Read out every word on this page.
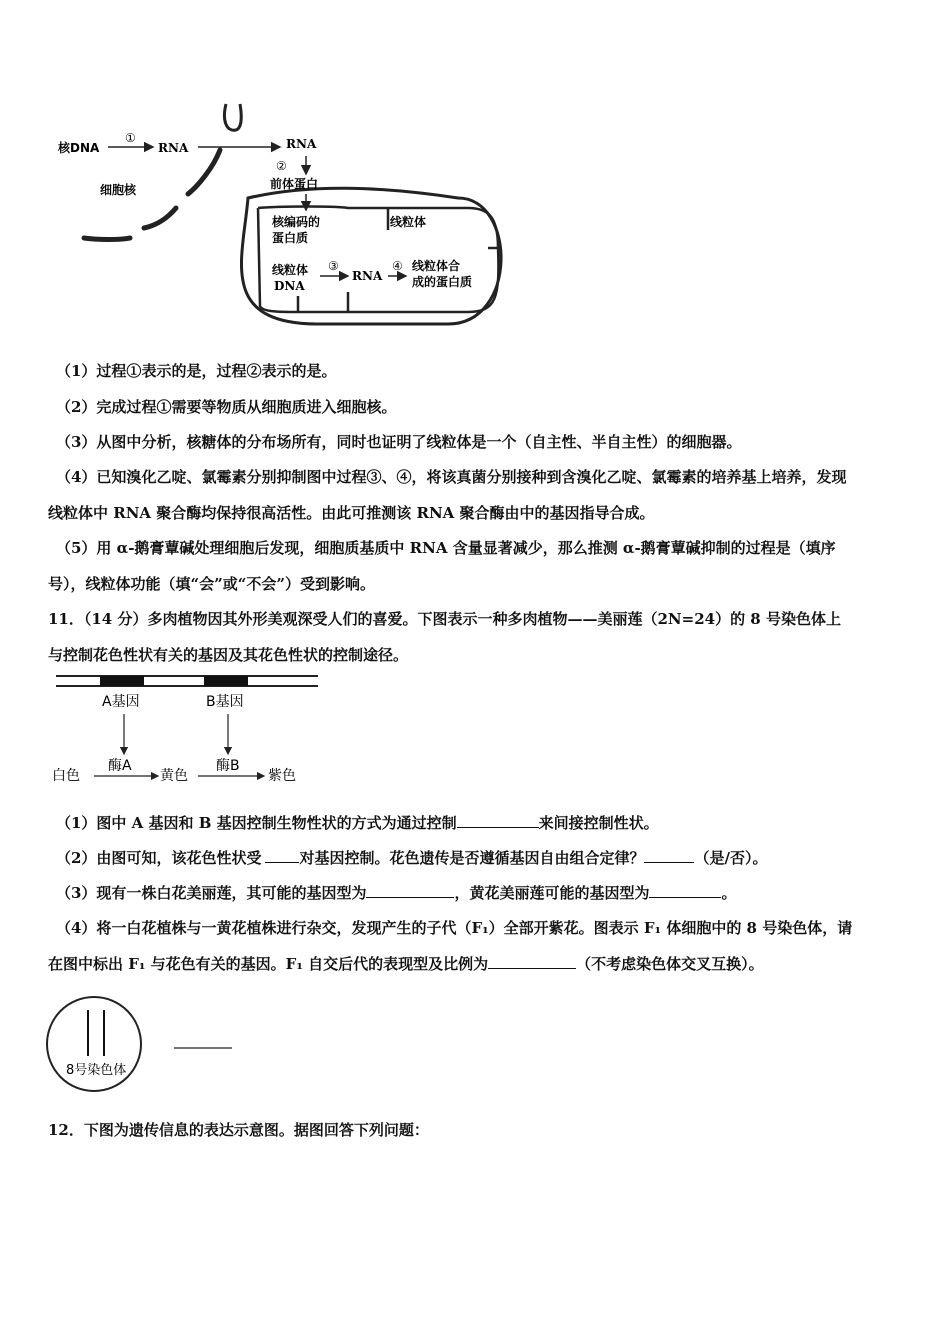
核DNA
①
RNA
细胞核
RNA
②
前体蛋白
核编码的
蛋白质
线粒体
线粒体
DNA
③
RNA
④ 线粒体合
成的蛋白质
（1）过程①表示的是，过程②表示的是。
（2）完成过程①需要等物质从细胞质进入细胞核。
（3）从图中分析，核糖体的分布场所有，同时也证明了线粒体是一个（自主性、半自主性）的细胞器。
（4）已知溴化乙啶、氯霉素分别抑制图中过程③、④，将该真菌分别接种到含溴化乙啶、氯霉素的培养基上培养，发现
线粒体中 RNA 聚合酶均保持很高活性。由此可推测该 RNA 聚合酶由中的基因指导合成。
（5）用 α-鹅膏蕈碱处理细胞后发现，细胞质基质中 RNA 含量显著减少，那么推测 α-鹅膏蕈碱抑制的过程是（填序
号），线粒体功能（填“会”或“不会”）受到影响。
11．（14 分）多肉植物因其外形美观深受人们的喜爱。下图表示一种多肉植物——美丽莲（2N=24）的 8 号染色体上
与控制花色性状有关的基因及其花色性状的控制途径。
A基因	B基因
白色
酶A
黄色
酶B
紫色
（1）图中 A 基因和 B 基因控制生物性状的方式为通过控制	来间接控制性状。
（2）由图可知，该花色性状受	对基因控制。花色遗传是否遵循基因自由组合定律？	（是/否）。
（3）现有一株白花美丽莲，其可能的基因型为	，黄花美丽莲可能的基因型为	。
（4）将一白花植株与一黄花植株进行杂交，发现产生的子代（F₁）全部开紫花。图表示 F₁ 体细胞中的 8 号染色体，请
在图中标出 F₁ 与花色有关的基因。F₁ 自交后代的表现型及比例为	（不考虑染色体交叉互换）。
8号染色体
12．下图为遗传信息的表达示意图。据图回答下列问题：
